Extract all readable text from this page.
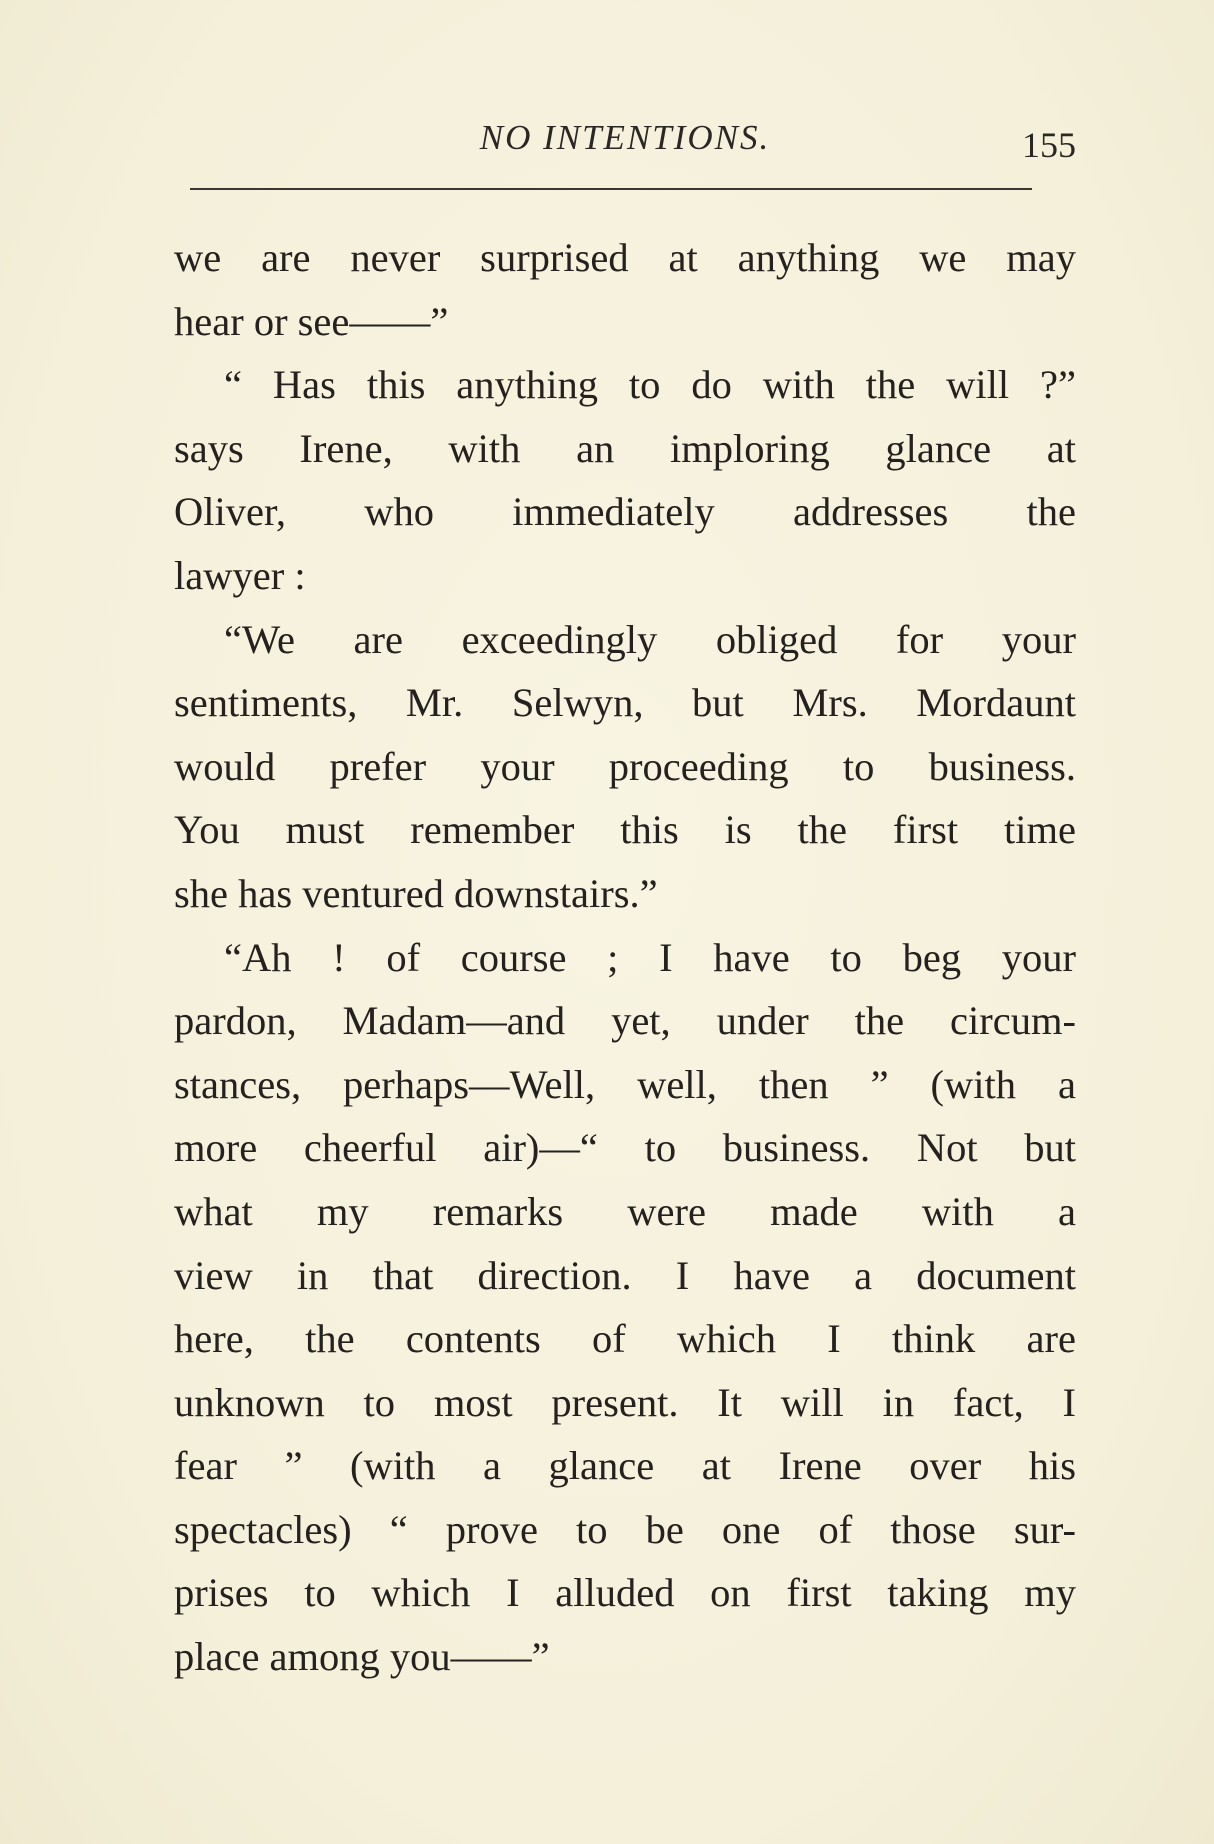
NO INTENTIONS.	155
we are never surprised at anything we may
hear or see——”
“ Has this anything to do with the will ?”
says Irene, with an imploring glance at
Oliver, who immediately addresses the
lawyer :
“We are exceedingly obliged for your
sentiments, Mr. Selwyn, but Mrs. Mordaunt
would prefer your proceeding to business.
You must remember this is the first time
she has ventured downstairs.”
“Ah ! of course ; I have to beg your
pardon, Madam—and yet, under the circum-
stances, perhaps—Well, well, then ” (with a
more cheerful air)—“ to business. Not but
what my remarks were made with a
view in that direction. I have a document
here, the contents of which I think are
unknown to most present. It will in fact, I
fear ” (with a glance at Irene over his
spectacles) “ prove to be one of those sur-
prises to which I alluded on first taking my
place among you——”
